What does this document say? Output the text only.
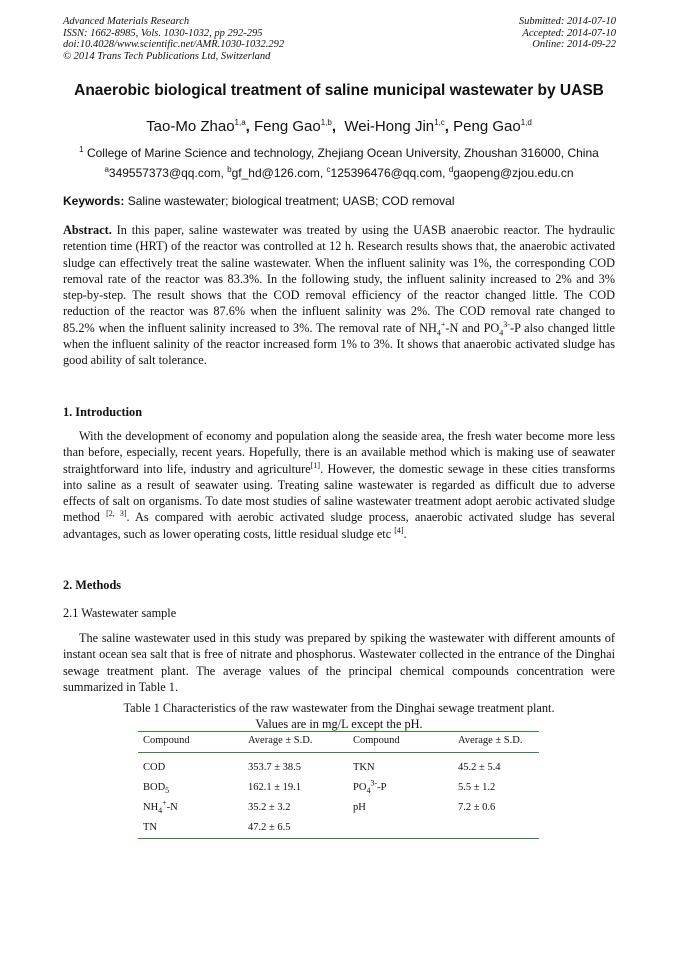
Advanced Materials Research
ISSN: 1662-8985, Vols. 1030-1032, pp 292-295
doi:10.4028/www.scientific.net/AMR.1030-1032.292
© 2014 Trans Tech Publications Ltd, Switzerland
Submitted: 2014-07-10
Accepted: 2014-07-10
Online: 2014-09-22
Anaerobic biological treatment of saline municipal wastewater by UASB
Tao-Mo Zhao$^{1,a}$, Feng Gao$^{1,b}$, Wei-Hong Jin$^{1,c}$, Peng Gao$^{1,d}$
$^1$ College of Marine Science and technology, Zhejiang Ocean University, Zhoushan 316000, China
$^a$349557373@qq.com, $^b$gf_hd@126.com, $^c$125396476@qq.com, $^d$gaopeng@zjou.edu.cn
Keywords: Saline wastewater; biological treatment; UASB; COD removal
Abstract. In this paper, saline wastewater was treated by using the UASB anaerobic reactor. The hydraulic retention time (HRT) of the reactor was controlled at 12 h. Research results shows that, the anaerobic activated sludge can effectively treat the saline wastewater. When the influent salinity was 1%, the corresponding COD removal rate of the reactor was 83.3%. In the following study, the influent salinity increased to 2% and 3% step-by-step. The result shows that the COD removal efficiency of the reactor changed little. The COD reduction of the reactor was 87.6% when the influent salinity was 2%. The COD removal rate changed to 85.2% when the influent salinity increased to 3%. The removal rate of $NH_4^+-N$ and $PO_4^{3-}-P$ also changed little when the influent salinity of the reactor increased form 1% to 3%. It shows that anaerobic activated sludge has good ability of salt tolerance.
1. Introduction
With the development of economy and population along the seaside area, the fresh water become more less than before, especially, recent years. Hopefully, there is an available method which is making use of seawater straightforward into life, industry and agriculture[1]. However, the domestic sewage in these cities transforms into saline as a result of seawater using. Treating saline wastewater is regarded as difficult due to adverse effects of salt on organisms. To date most studies of saline wastewater treatment adopt aerobic activated sludge method [2, 3]. As compared with aerobic activated sludge process, anaerobic activated sludge has several advantages, such as lower operating costs, little residual sludge etc [4].
2. Methods
2.1 Wastewater sample
The saline wastewater used in this study was prepared by spiking the wastewater with different amounts of instant ocean sea salt that is free of nitrate and phosphorus. Wastewater collected in the entrance of the Dinghai sewage treatment plant. The average values of the principal chemical compounds concentration were summarized in Table 1.
Table 1 Characteristics of the raw wastewater from the Dinghai sewage treatment plant.
Values are in mg/L except the pH.
Compound	Average ± S.D.	Compound	Average ± S.D.
COD	353.7 ± 38.5	TKN	45.2 ± 5.4
$BOD_5$	162.1 ± 19.1	$PO_4^{3-}-P$	5.5 ± 1.2
$NH_4^+-N$	35.2 ± 3.2	pH	7.2 ± 0.6
TN	47.2 ± 6.5		
